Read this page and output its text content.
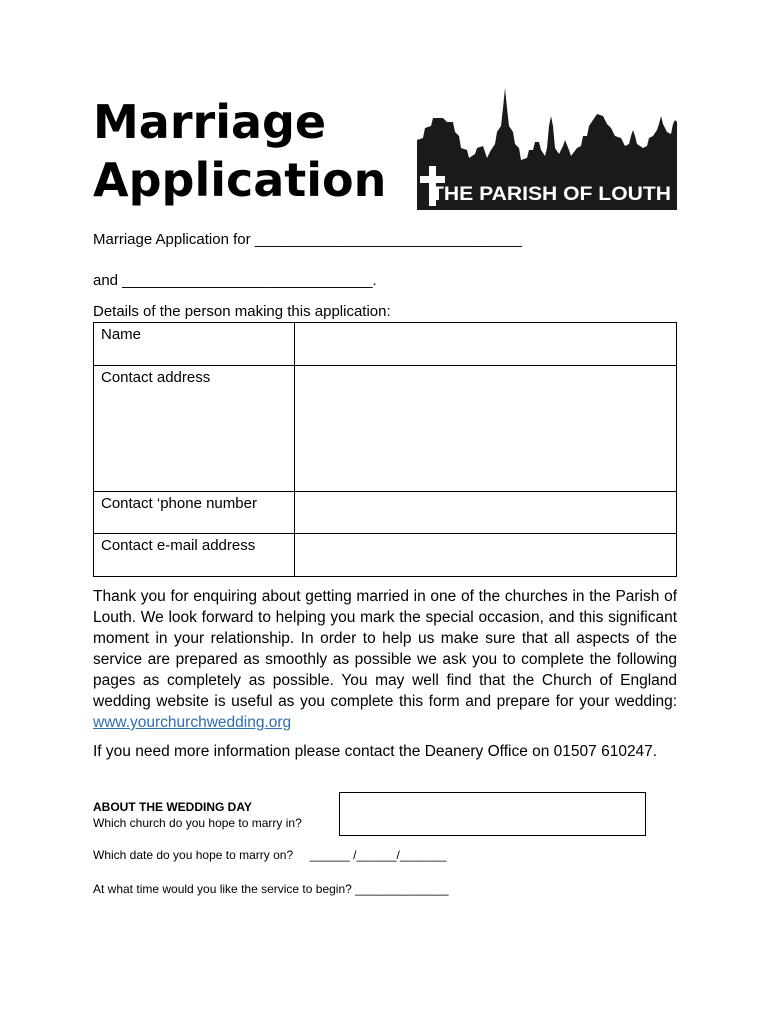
Marriage
Application THE PARISH OF LOUTH
Marriage Application for ________________________________
and ______________________________.
Details of the person making this application:
Name	
Contact address	
Contact ‘phone number	
Contact e-mail address	

Thank you for enquiring about getting married in one of the churches in the Parish of Louth. We look forward to helping you mark the special occasion, and this significant moment in your relationship. In order to help us make sure that all aspects of the service are prepared as smoothly as possible we ask you to complete the following pages as completely as possible. You may well find that the Church of England wedding website is useful as you complete this form and prepare for your wedding: www.yourchurchwedding.org

If you need more information please contact the Deanery Office on 01507 610247.

ABOUT THE WEDDING DAY
Which church do you hope to marry in?
Which date do you hope to marry on?     ______ /______/_______
At what time would you like the service to begin? ______________
